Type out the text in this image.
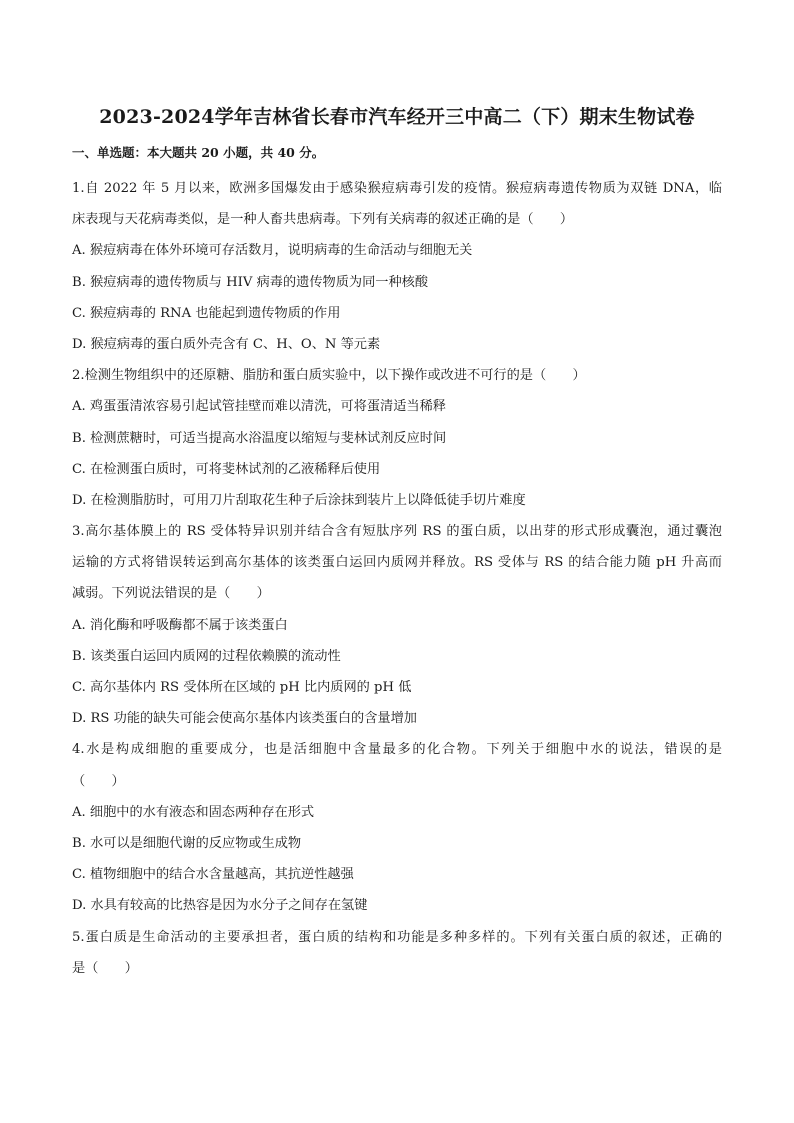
2023-2024学年吉林省长春市汽车经开三中高二（下）期末生物试卷
一、单选题：本大题共 20 小题，共 40 分。
1.自 2022 年 5 月以来，欧洲多国爆发由于感染猴痘病毒引发的疫情。猴痘病毒遗传物质为双链 DNA，临
床表现与天花病毒类似，是一种人畜共患病毒。下列有关病毒的叙述正确的是（　　）
A. 猴痘病毒在体外环境可存活数月，说明病毒的生命活动与细胞无关
B. 猴痘病毒的遗传物质与 HIV 病毒的遗传物质为同一种核酸
C. 猴痘病毒的 RNA 也能起到遗传物质的作用
D. 猴痘病毒的蛋白质外壳含有 C、H、O、N 等元素
2.检测生物组织中的还原糖、脂肪和蛋白质实验中，以下操作或改进不可行的是（　　）
A. 鸡蛋蛋清浓容易引起试管挂壁而难以清洗，可将蛋清适当稀释
B. 检测蔗糖时，可适当提高水浴温度以缩短与斐林试剂反应时间
C. 在检测蛋白质时，可将斐林试剂的乙液稀释后使用
D. 在检测脂肪时，可用刀片刮取花生种子后涂抹到装片上以降低徒手切片难度
3.高尔基体膜上的 RS 受体特异识别并结合含有短肽序列 RS 的蛋白质，以出芽的形式形成囊泡，通过囊泡
运输的方式将错误转运到高尔基体的该类蛋白运回内质网并释放。RS 受体与 RS 的结合能力随 pH 升高而
减弱。下列说法错误的是（　　）
A. 消化酶和呼吸酶都不属于该类蛋白
B. 该类蛋白运回内质网的过程依赖膜的流动性
C. 高尔基体内 RS 受体所在区域的 pH 比内质网的 pH 低
D. RS 功能的缺失可能会使高尔基体内该类蛋白的含量增加
4.水是构成细胞的重要成分，也是活细胞中含量最多的化合物。下列关于细胞中水的说法，错误的是
（　　）
A. 细胞中的水有液态和固态两种存在形式
B. 水可以是细胞代谢的反应物或生成物
C. 植物细胞中的结合水含量越高，其抗逆性越强
D. 水具有较高的比热容是因为水分子之间存在氢键
5.蛋白质是生命活动的主要承担者，蛋白质的结构和功能是多种多样的。下列有关蛋白质的叙述，正确的
是（　　）
